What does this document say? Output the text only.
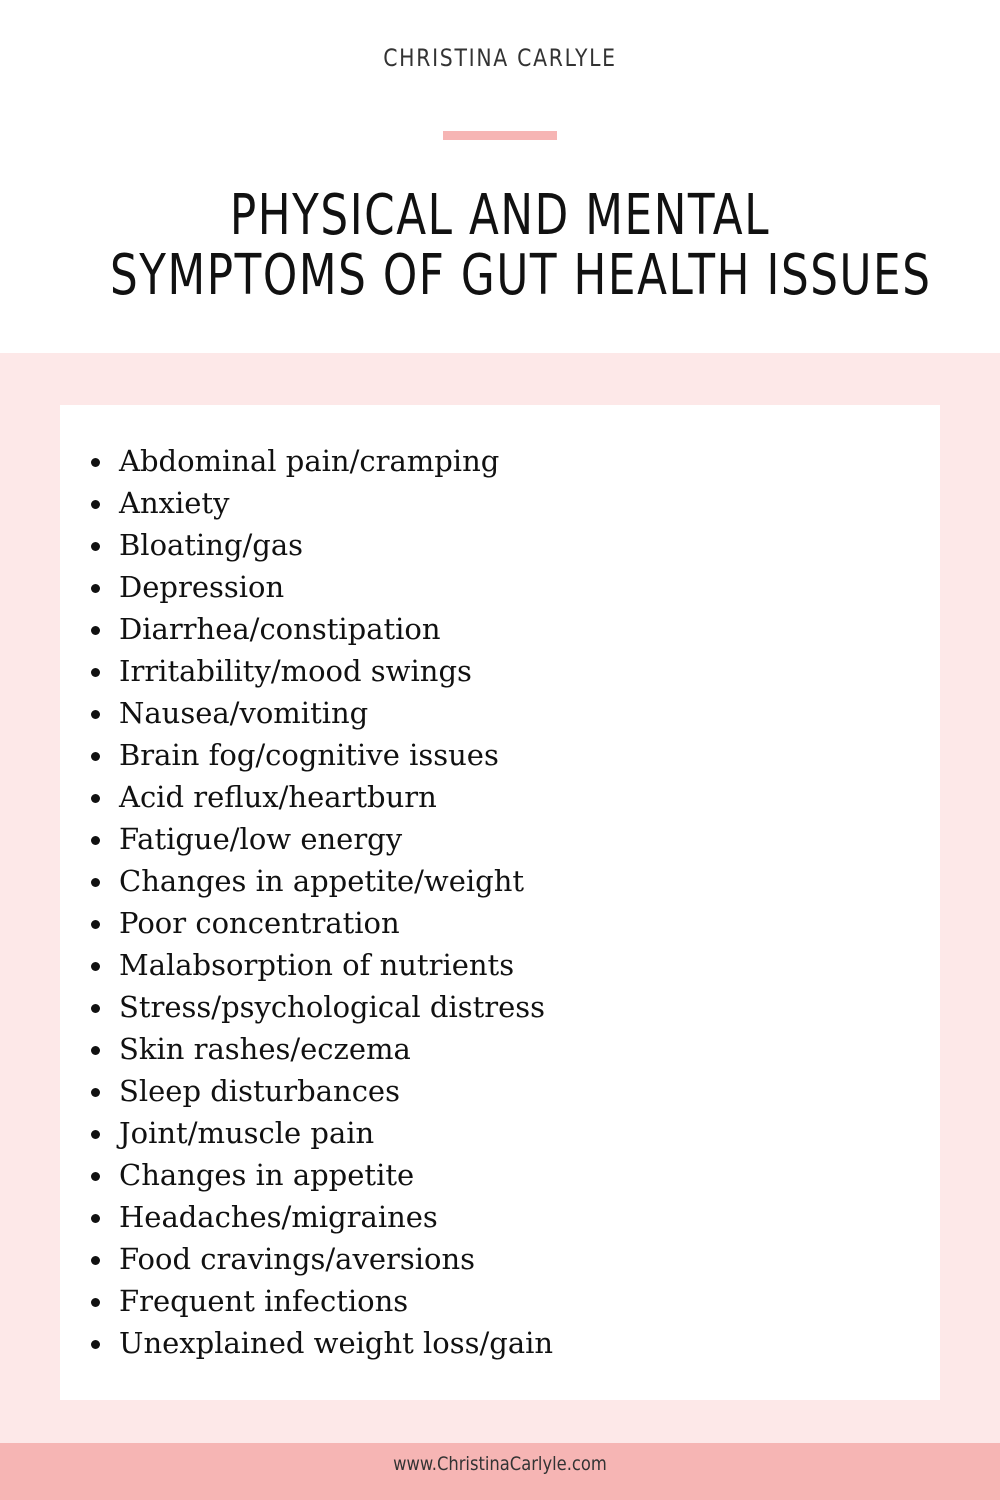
CHRISTINA CARLYLE
PHYSICAL AND MENTAL
SYMPTOMS OF GUT HEALTH ISSUES
Abdominal pain/cramping
Anxiety
Bloating/gas
Depression
Diarrhea/constipation
Irritability/mood swings
Nausea/vomiting
Brain fog/cognitive issues
Acid reflux/heartburn
Fatigue/low energy
Changes in appetite/weight
Poor concentration
Malabsorption of nutrients
Stress/psychological distress
Skin rashes/eczema
Sleep disturbances
Joint/muscle pain
Changes in appetite
Headaches/migraines
Food cravings/aversions
Frequent infections
Unexplained weight loss/gain
www.ChristinaCarlyle.com
